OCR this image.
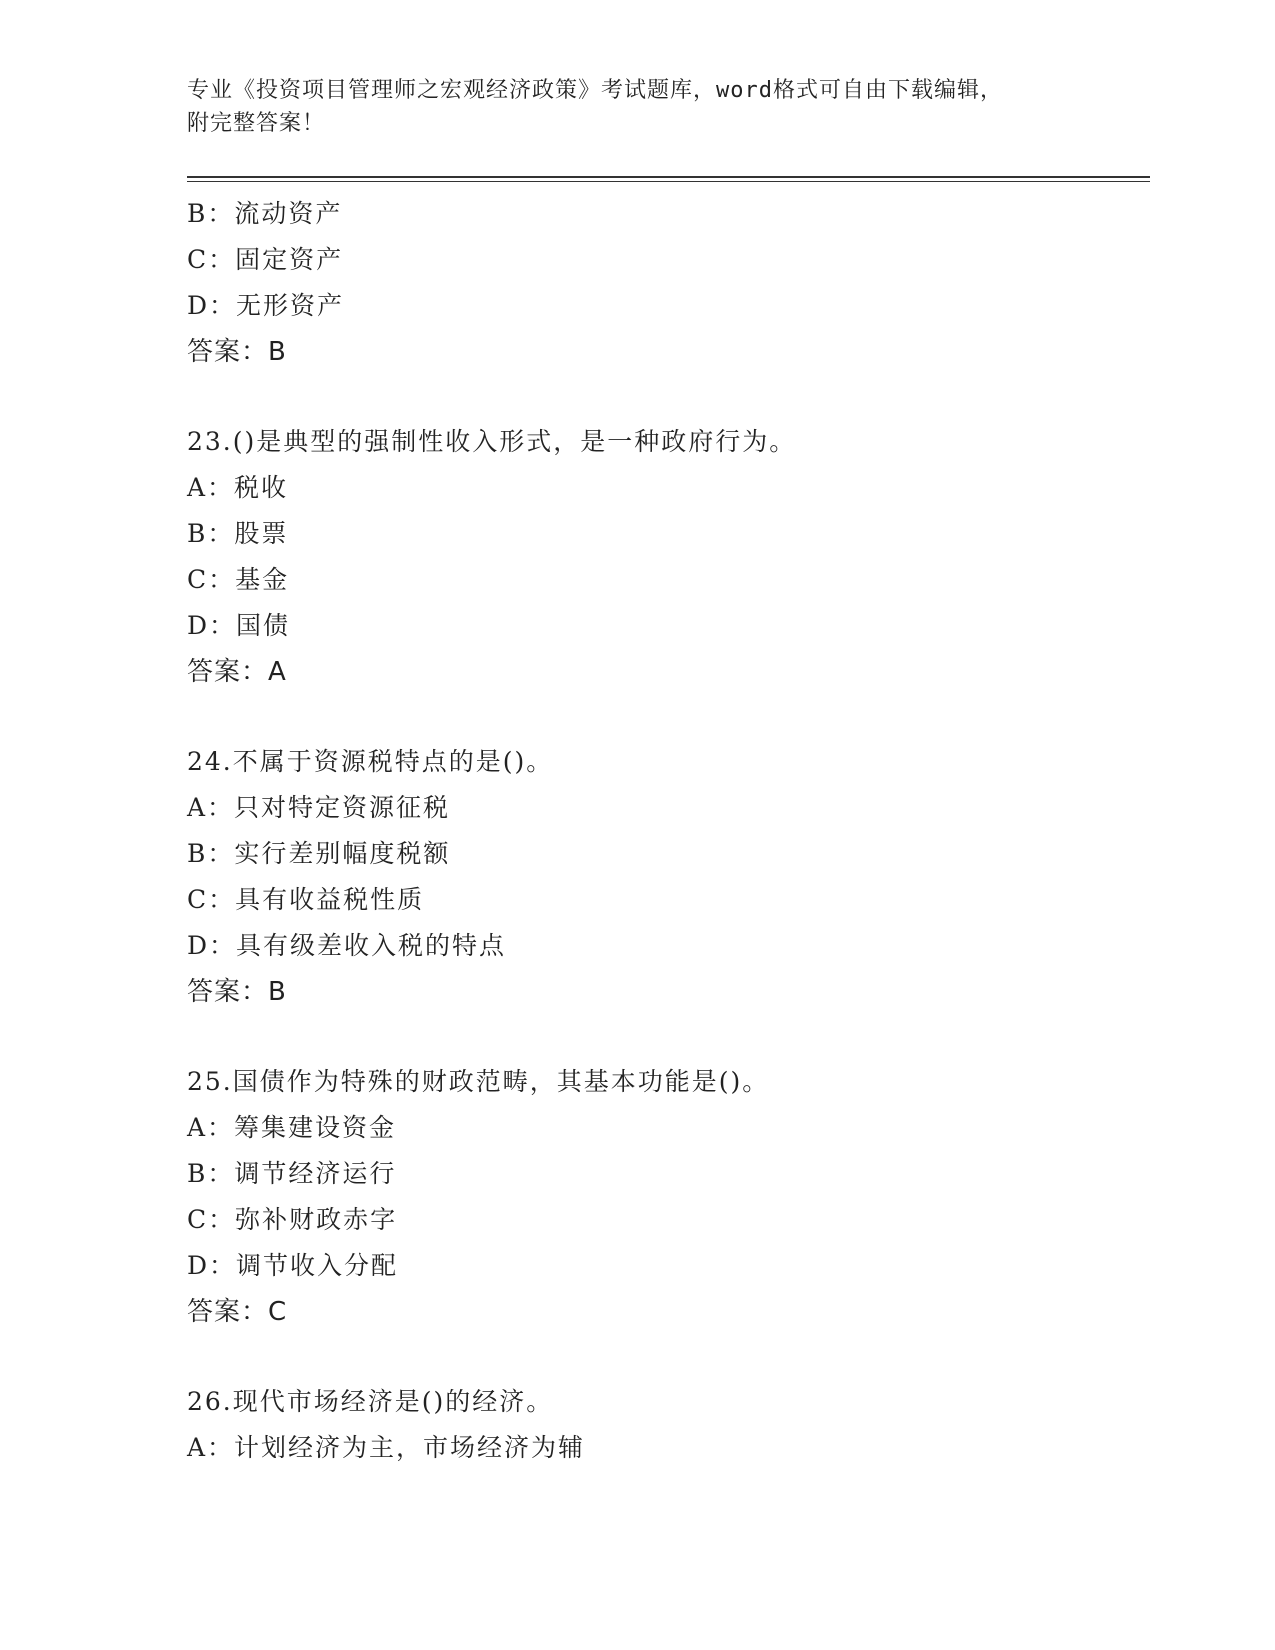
专业《投资项目管理师之宏观经济政策》考试题库，word格式可自由下载编辑，
附完整答案！
B：流动资产
C：固定资产
D：无形资产
答案：B
23.()是典型的强制性收入形式，是一种政府行为。
A：税收
B：股票
C：基金
D：国债
答案：A
24.不属于资源税特点的是()。
A：只对特定资源征税
B：实行差别幅度税额
C：具有收益税性质
D：具有级差收入税的特点
答案：B
25.国债作为特殊的财政范畴，其基本功能是()。
A：筹集建设资金
B：调节经济运行
C：弥补财政赤字
D：调节收入分配
答案：C
26.现代市场经济是()的经济。
A：计划经济为主，市场经济为辅
